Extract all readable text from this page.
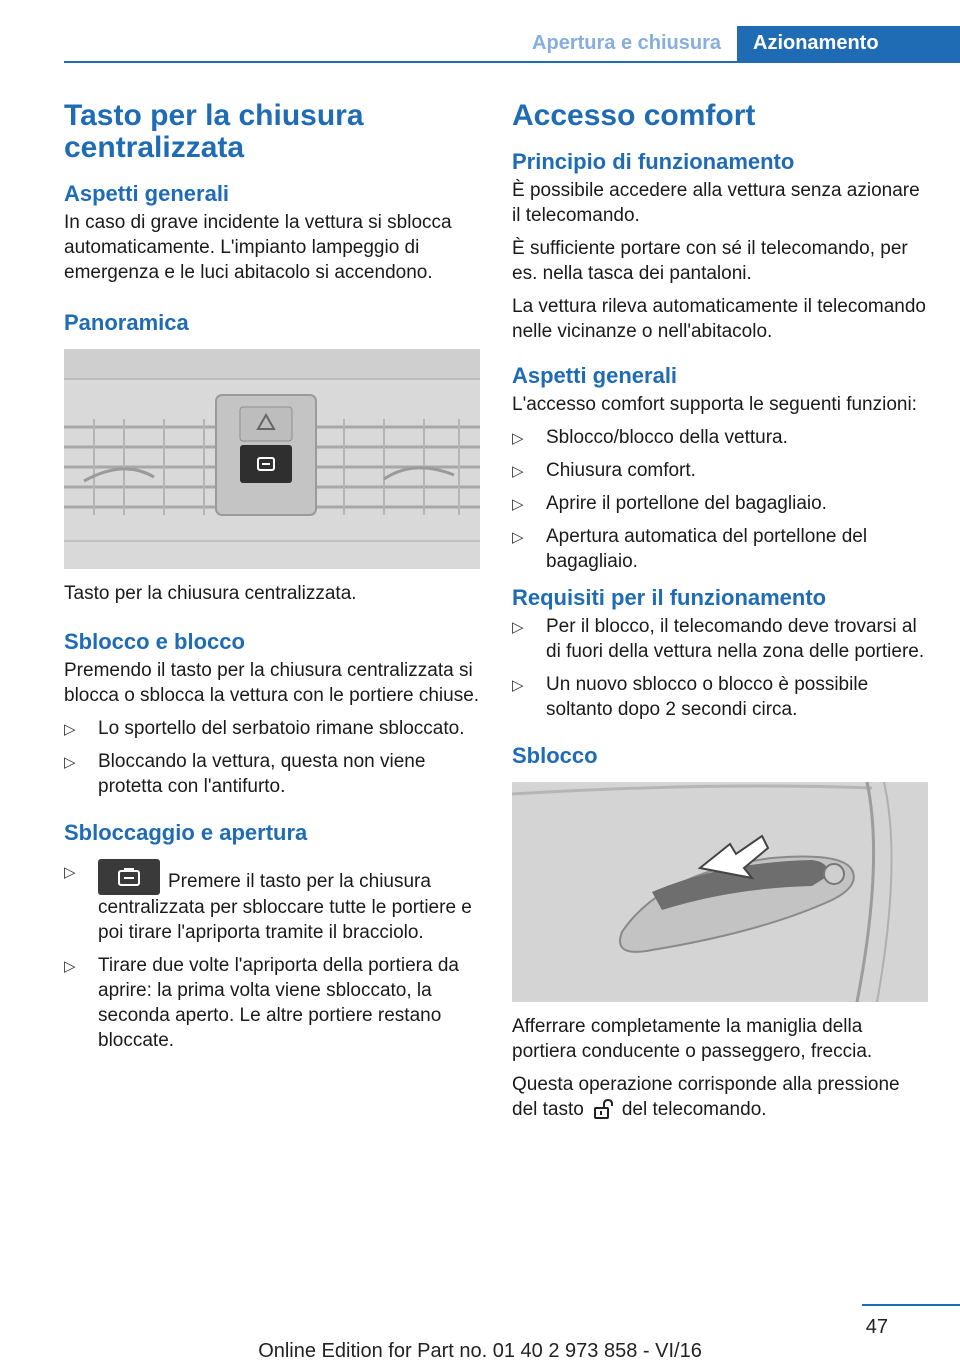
Apertura e chiusura	Azionamento
Tasto per la chiusura centralizzata
Aspetti generali

In caso di grave incidente la vettura si sblocca automaticamente. L'impianto lampeggio di emergenza e le luci abitacolo si accendono.

Panoramica
Tasto per la chiusura centralizzata.
Sblocco e blocco

Premendo il tasto per la chiusura centralizzata si blocca o sblocca la vettura con le portiere chiuse.

▷ Lo sportello del serbatoio rimane sbloccato.
▷ Bloccando la vettura, questa non viene protetta con l'antifurto.
Sbloccaggio e apertura
▷	Premere il tasto per la chiusura centralizzata per sbloccare tutte le portiere e poi tirare l'apriporta tramite il bracciolo.
▷ Tirare due volte l'apriporta della portiera da aprire: la prima volta viene sbloccato, la seconda aperto. Le altre portiere restano bloccate.
Accesso comfort
Principio di funzionamento

È possibile accedere alla vettura senza azionare il telecomando.

È sufficiente portare con sé il telecomando, per es. nella tasca dei pantaloni.

La vettura rileva automaticamente il telecomando nelle vicinanze o nell'abitacolo.

Aspetti generali

L'accesso comfort supporta le seguenti funzioni:

▷ Sblocco/blocco della vettura.
▷ Chiusura comfort.
▷ Aprire il portellone del bagagliaio.
▷ Apertura automatica del portellone del bagagliaio.
Requisiti per il funzionamento
▷ Per il blocco, il telecomando deve trovarsi al di fuori della vettura nella zona delle portiere.
▷ Un nuovo sblocco o blocco è possibile soltanto dopo 2 secondi circa.
Sblocco
Afferrare completamente la maniglia della portiera conducente o passeggero, freccia.

Questa operazione corrisponde alla pressione del tasto del telecomando.

47
Online Edition for Part no. 01 40 2 973 858 - VI/16
